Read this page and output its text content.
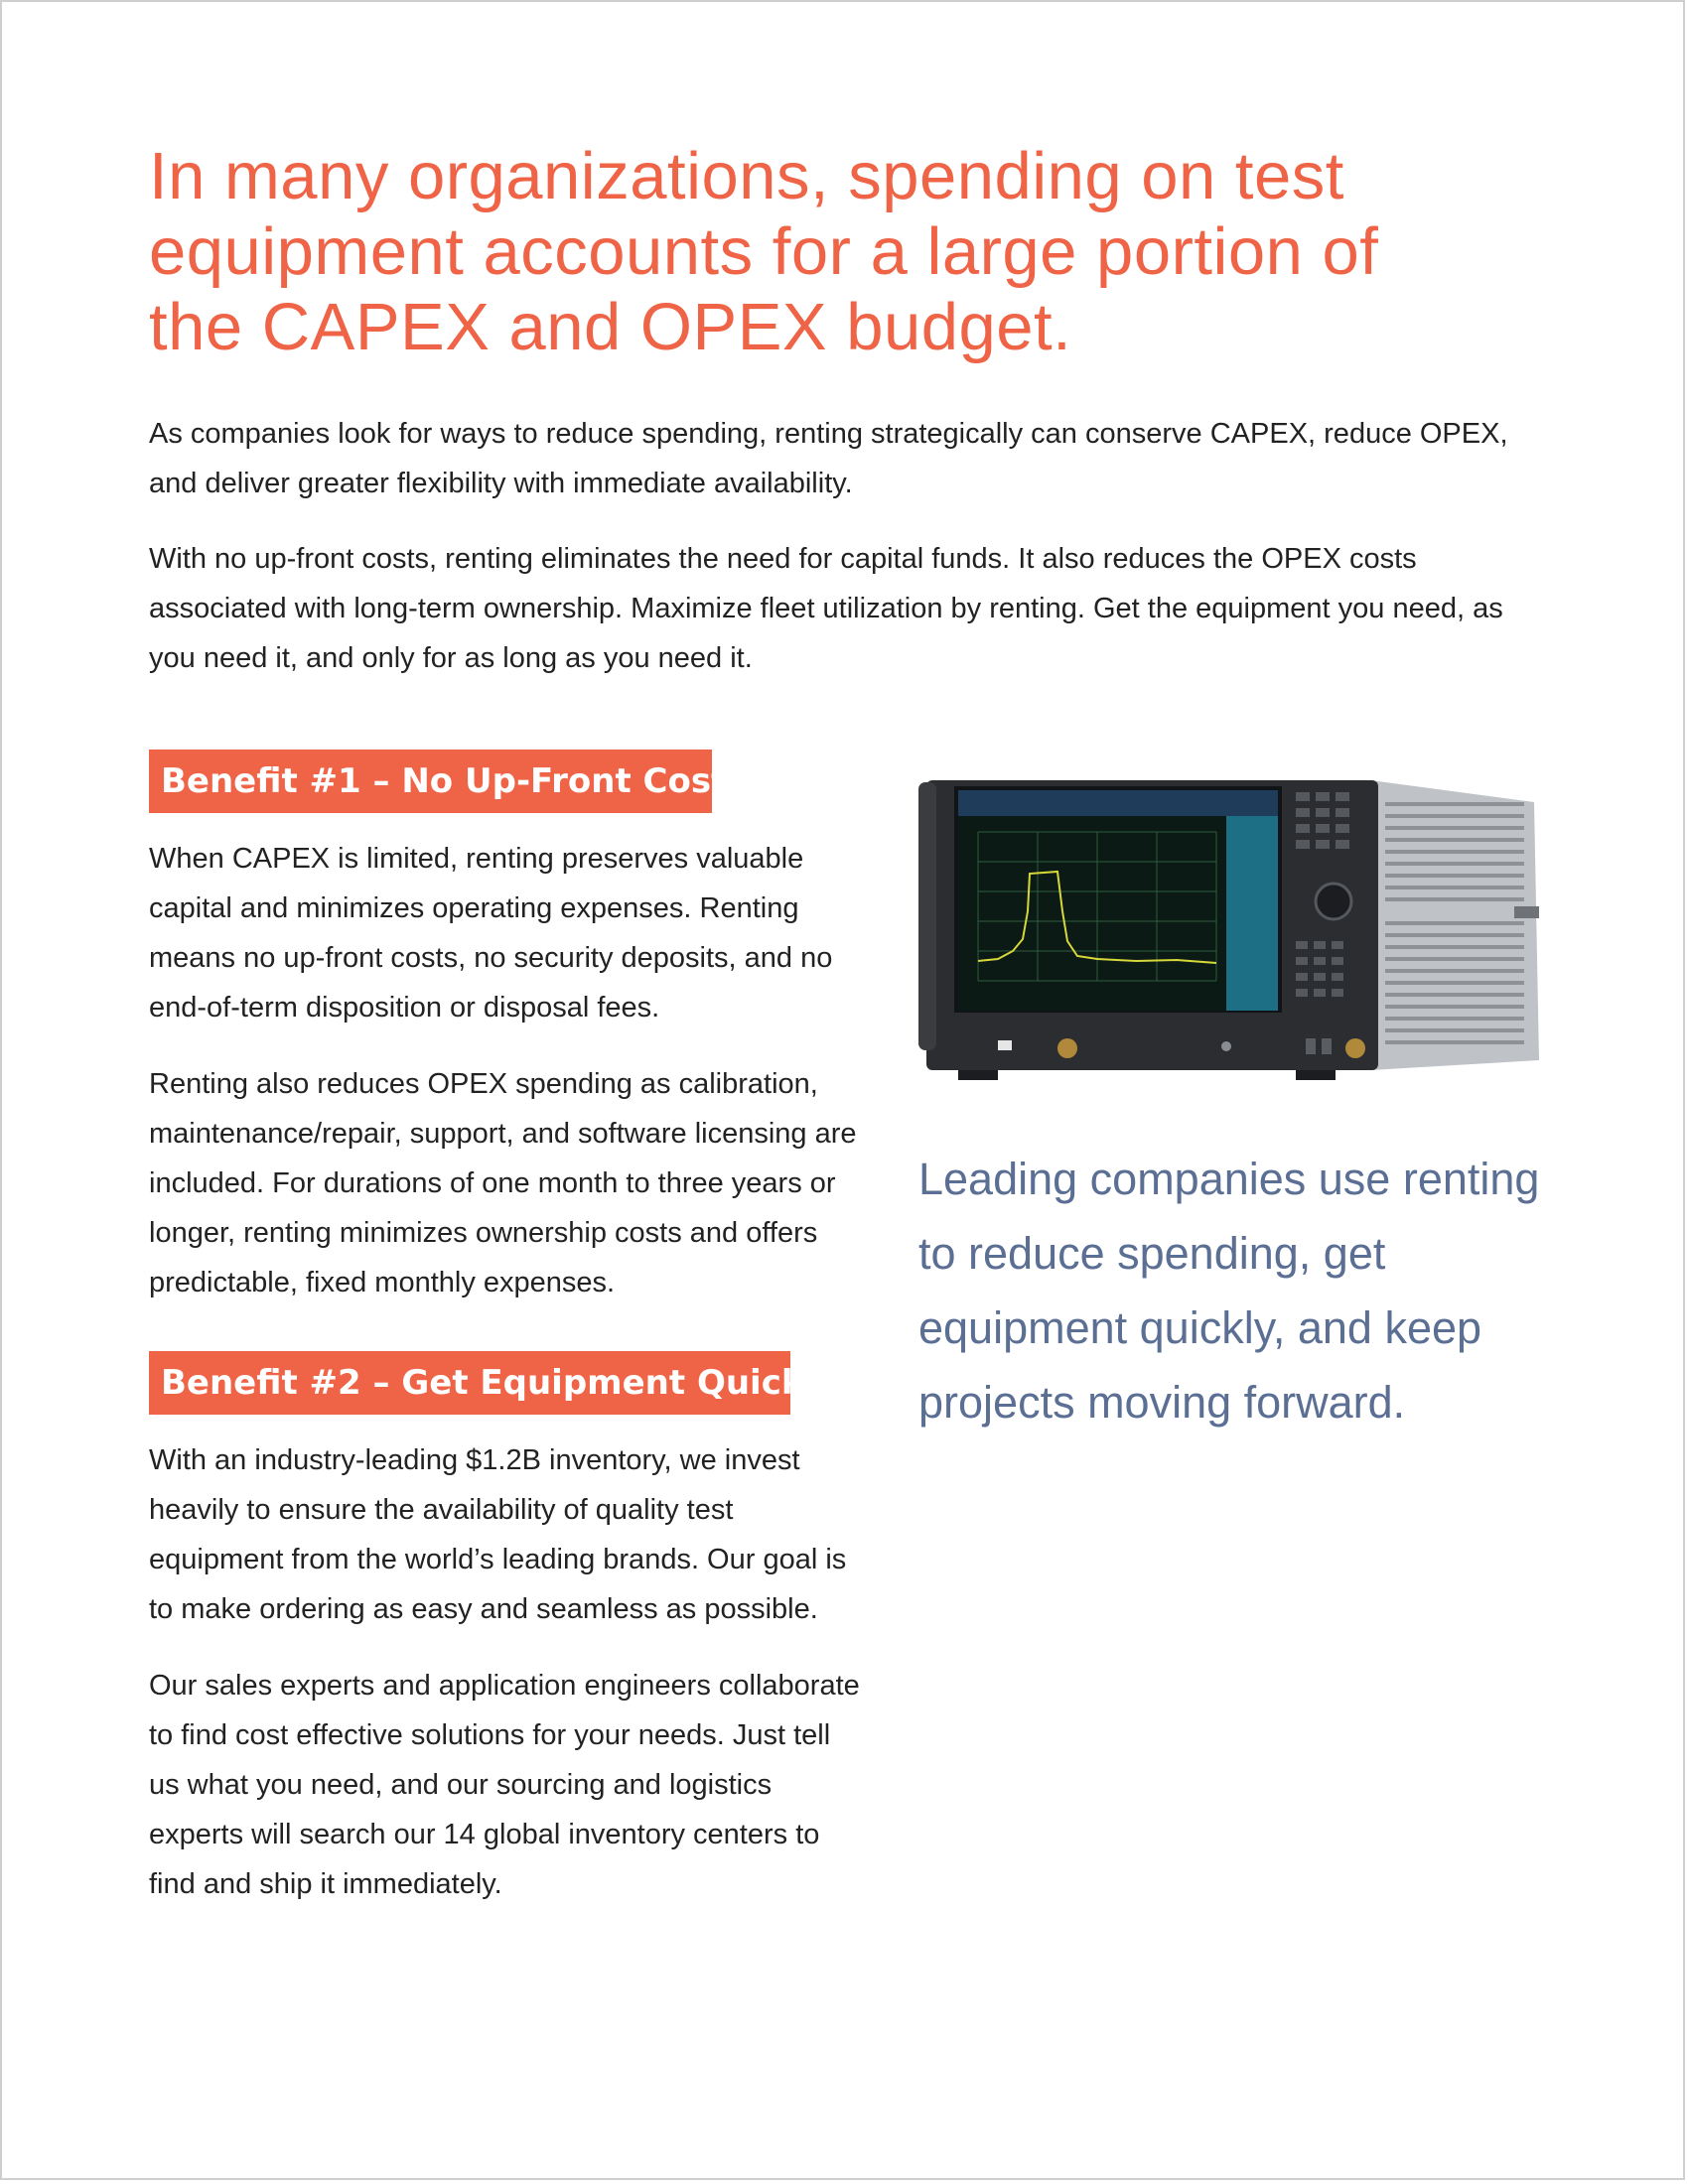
In many organizations, spending on test equipment accounts for a large portion of the CAPEX and OPEX budget.

As companies look for ways to reduce spending, renting strategically can conserve CAPEX, reduce OPEX, and deliver greater flexibility with immediate availability.

With no up-front costs, renting eliminates the need for capital funds. It also reduces the OPEX costs associated with long-term ownership. Maximize fleet utilization by renting. Get the equipment you need, as you need it, and only for as long as you need it.

Benefit #1 – No Up-Front Costs

When CAPEX is limited, renting preserves valuable capital and minimizes operating expenses. Renting means no up-front costs, no security deposits, and no end-of-term disposition or disposal fees.

Renting also reduces OPEX spending as calibration, maintenance/repair, support, and software licensing are included. For durations of one month to three years or longer, renting minimizes ownership costs and offers predictable, fixed monthly expenses.

Benefit #2 – Get Equipment Quickly

With an industry-leading $1.2B inventory, we invest heavily to ensure the availability of quality test equipment from the world’s leading brands. Our goal is to make ordering as easy and seamless as possible.

Our sales experts and application engineers collaborate to find cost effective solutions for your needs. Just tell us what you need, and our sourcing and logistics experts will search our 14 global inventory centers to find and ship it immediately.

Leading companies use renting to reduce spending, get equipment quickly, and keep projects moving forward.
